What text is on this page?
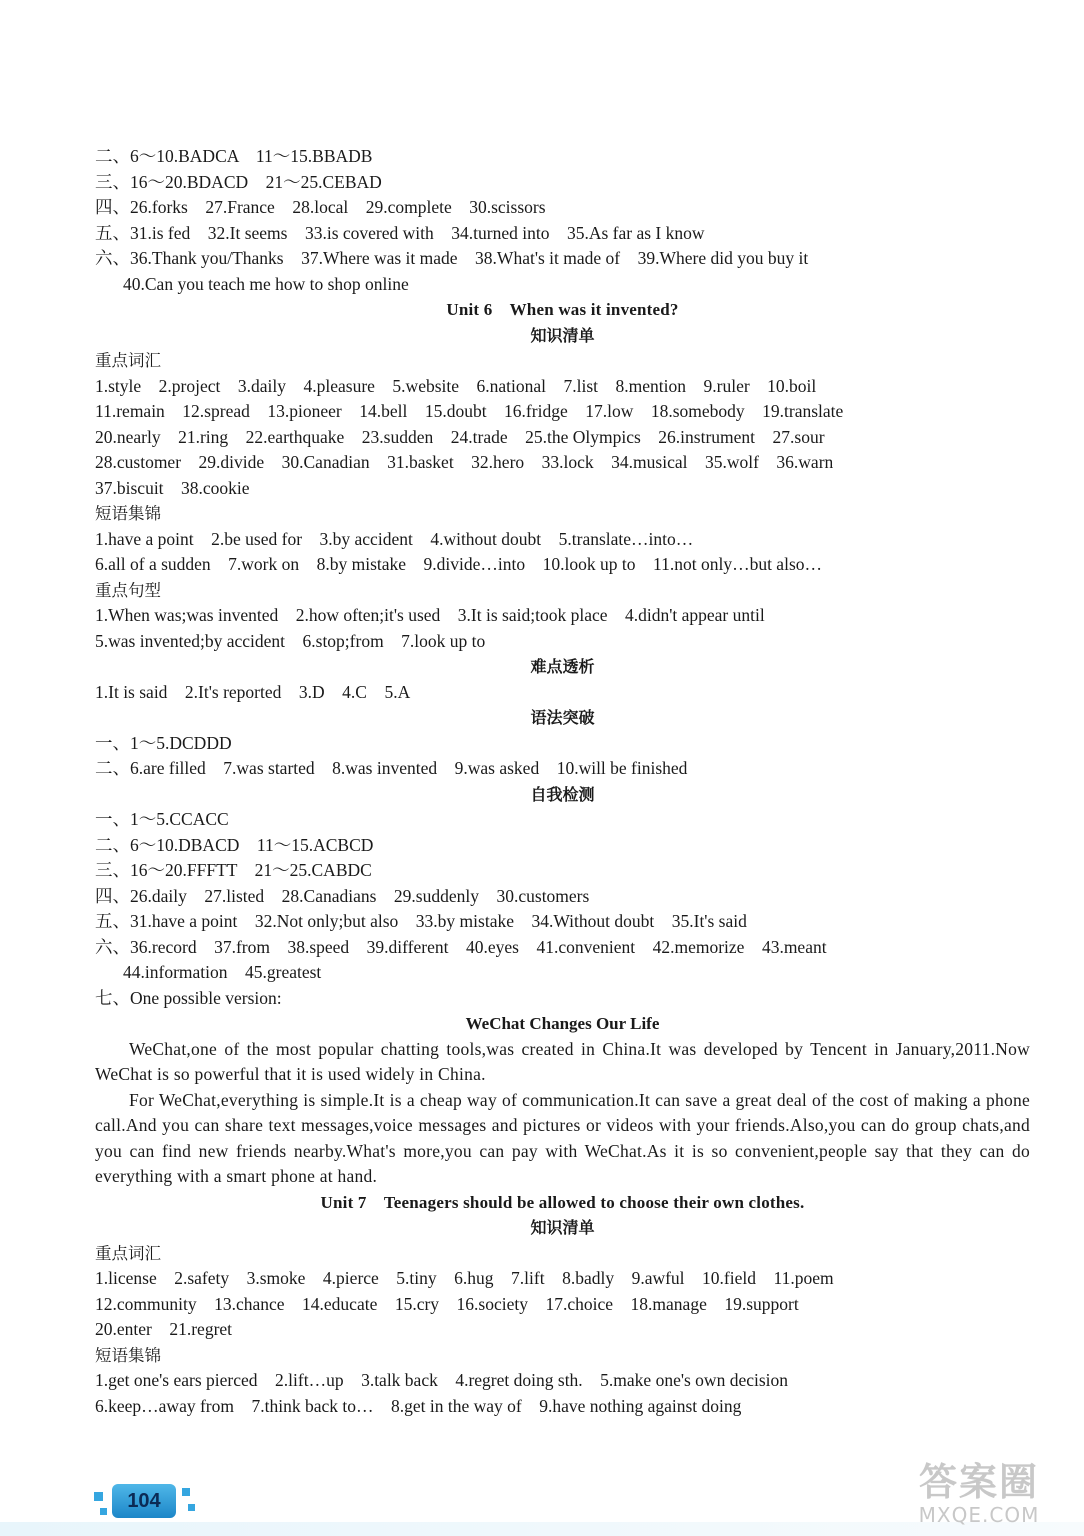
二、6～10.BADCA　11～15.BBADB
三、16～20.BDACD　21～25.CEBAD
四、26.forks　27.France　28.local　29.complete　30.scissors
五、31.is fed　32.It seems　33.is covered with　34.turned into　35.As far as I know
六、36.Thank you/Thanks　37.Where was it made　38.What's it made of　39.Where did you buy it
40.Can you teach me how to shop online
Unit 6　When was it invented?
知识清单
重点词汇
1.style　2.project　3.daily　4.pleasure　5.website　6.national　7.list　8.mention　9.ruler　10.boil
11.remain　12.spread　13.pioneer　14.bell　15.doubt　16.fridge　17.low　18.somebody　19.translate
20.nearly　21.ring　22.earthquake　23.sudden　24.trade　25.the Olympics　26.instrument　27.sour
28.customer　29.divide　30.Canadian　31.basket　32.hero　33.lock　34.musical　35.wolf　36.warn
37.biscuit　38.cookie
短语集锦
1.have a point　2.be used for　3.by accident　4.without doubt　5.translate…into…
6.all of a sudden　7.work on　8.by mistake　9.divide…into　10.look up to　11.not only…but also…
重点句型
1.When was;was invented　2.how often;it's used　3.It is said;took place　4.didn't appear until
5.was invented;by accident　6.stop;from　7.look up to
难点透析
1.It is said　2.It's reported　3.D　4.C　5.A
语法突破
一、1～5.DCDDD
二、6.are filled　7.was started　8.was invented　9.was asked　10.will be finished
自我检测
一、1～5.CCACC
二、6～10.DBACD　11～15.ACBCD
三、16～20.FFFTT　21～25.CABDC
四、26.daily　27.listed　28.Canadians　29.suddenly　30.customers
五、31.have a point　32.Not only;but also　33.by mistake　34.Without doubt　35.It's said
六、36.record　37.from　38.speed　39.different　40.eyes　41.convenient　42.memorize　43.meant
44.information　45.greatest
七、One possible version:
WeChat Changes Our Life
WeChat,one of the most popular chatting tools,was created in China.It was developed by Tencent in January,2011.Now WeChat is so powerful that it is used widely in China.
For WeChat,everything is simple.It is a cheap way of communication.It can save a great deal of the cost of making a phone call.And you can share text messages,voice messages and pictures or videos with your friends.Also,you can do group chats,and you can find new friends nearby.What's more,you can pay with WeChat.As it is so convenient,people say that they can do everything with a smart phone at hand.
Unit 7　Teenagers should be allowed to choose their own clothes.
知识清单
重点词汇
1.license　2.safety　3.smoke　4.pierce　5.tiny　6.hug　7.lift　8.badly　9.awful　10.field　11.poem
12.community　13.chance　14.educate　15.cry　16.society　17.choice　18.manage　19.support
20.enter　21.regret
短语集锦
1.get one's ears pierced　2.lift…up　3.talk back　4.regret doing sth.　5.make one's own decision
6.keep…away from　7.think back to…　8.get in the way of　9.have nothing against doing
104	答案圈
MXQE.COM
